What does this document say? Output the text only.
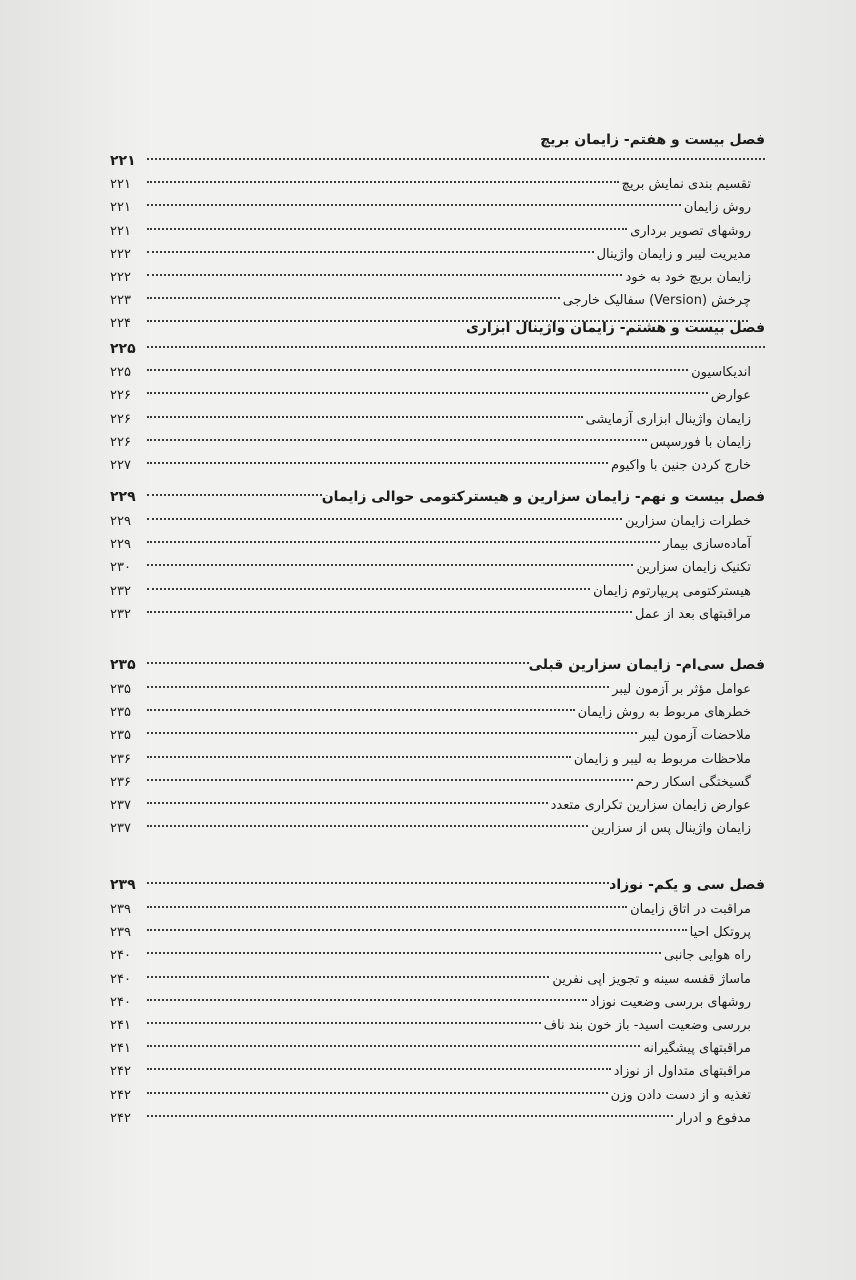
فصل بیست و هفتم- زایمان بریچ
۲۲۱
تقسیم بندی نمایش بریچ
۲۲۱
روش زایمان
۲۲۱
روشهای تصویر برداری
۲۲۱
مدیریت لیبر و زایمان واژینال
۲۲۲
زایمان بریچ خود به خود
۲۲۲
چرخش (Version) سفالیک خارجی
۲۲۳
۲۲۴	فصل بیست و هشتم- زایمان واژینال ابزاری
۲۲۵
اندیکاسیون
۲۲۵
عوارض
۲۲۶
زایمان واژینال ابزاری آزمایشی
۲۲۶
زایمان با فورسپس
۲۲۶
خارج کردن جنین با واکیوم
۲۲۷
فصل بیست و نهم- زایمان سزارین و هیسترکتومی حوالی زایمان
۲۲۹
خطرات زایمان سزارین
۲۲۹
آماده‌سازی بیمار
۲۲۹
تکنیک زایمان سزارین
۲۳۰
هیسترکتومی پریپارتوم زایمان
۲۳۲
مراقبتهای بعد از عمل
۲۳۲
فصل سی‌ام- زایمان سزارین قبلی
۲۳۵
عوامل مؤثر بر آزمون لیبر
۲۳۵
خطرهای مربوط به روش زایمان
۲۳۵
ملاحضات آزمون لیبر
۲۳۵
ملاحظات مربوط به لیبر و زایمان
۲۳۶
گسیختگی اسکار رحم
۲۳۶
عوارض زایمان سزارین تکراری متعدد
۲۳۷
زایمان واژینال پس از سزارین
۲۳۷
فصل سی و یکم- نوزاد
۲۳۹
مراقبت در اتاق زایمان
۲۳۹
پروتکل احیا
۲۳۹
راه هوایی جانبی
۲۴۰
ماساژ قفسه سینه و تجویز اپی نفرین
۲۴۰
روشهای بررسی وضعیت نوزاد
۲۴۰
بررسی وضعیت اسید- باز خون بند ناف
۲۴۱
مراقبتهای پیشگیرانه
۲۴۱
مراقبتهای متداول از نوزاد
۲۴۲
تغذیه و از دست دادن وزن
۲۴۲
مدفوع و ادرار
۲۴۲
